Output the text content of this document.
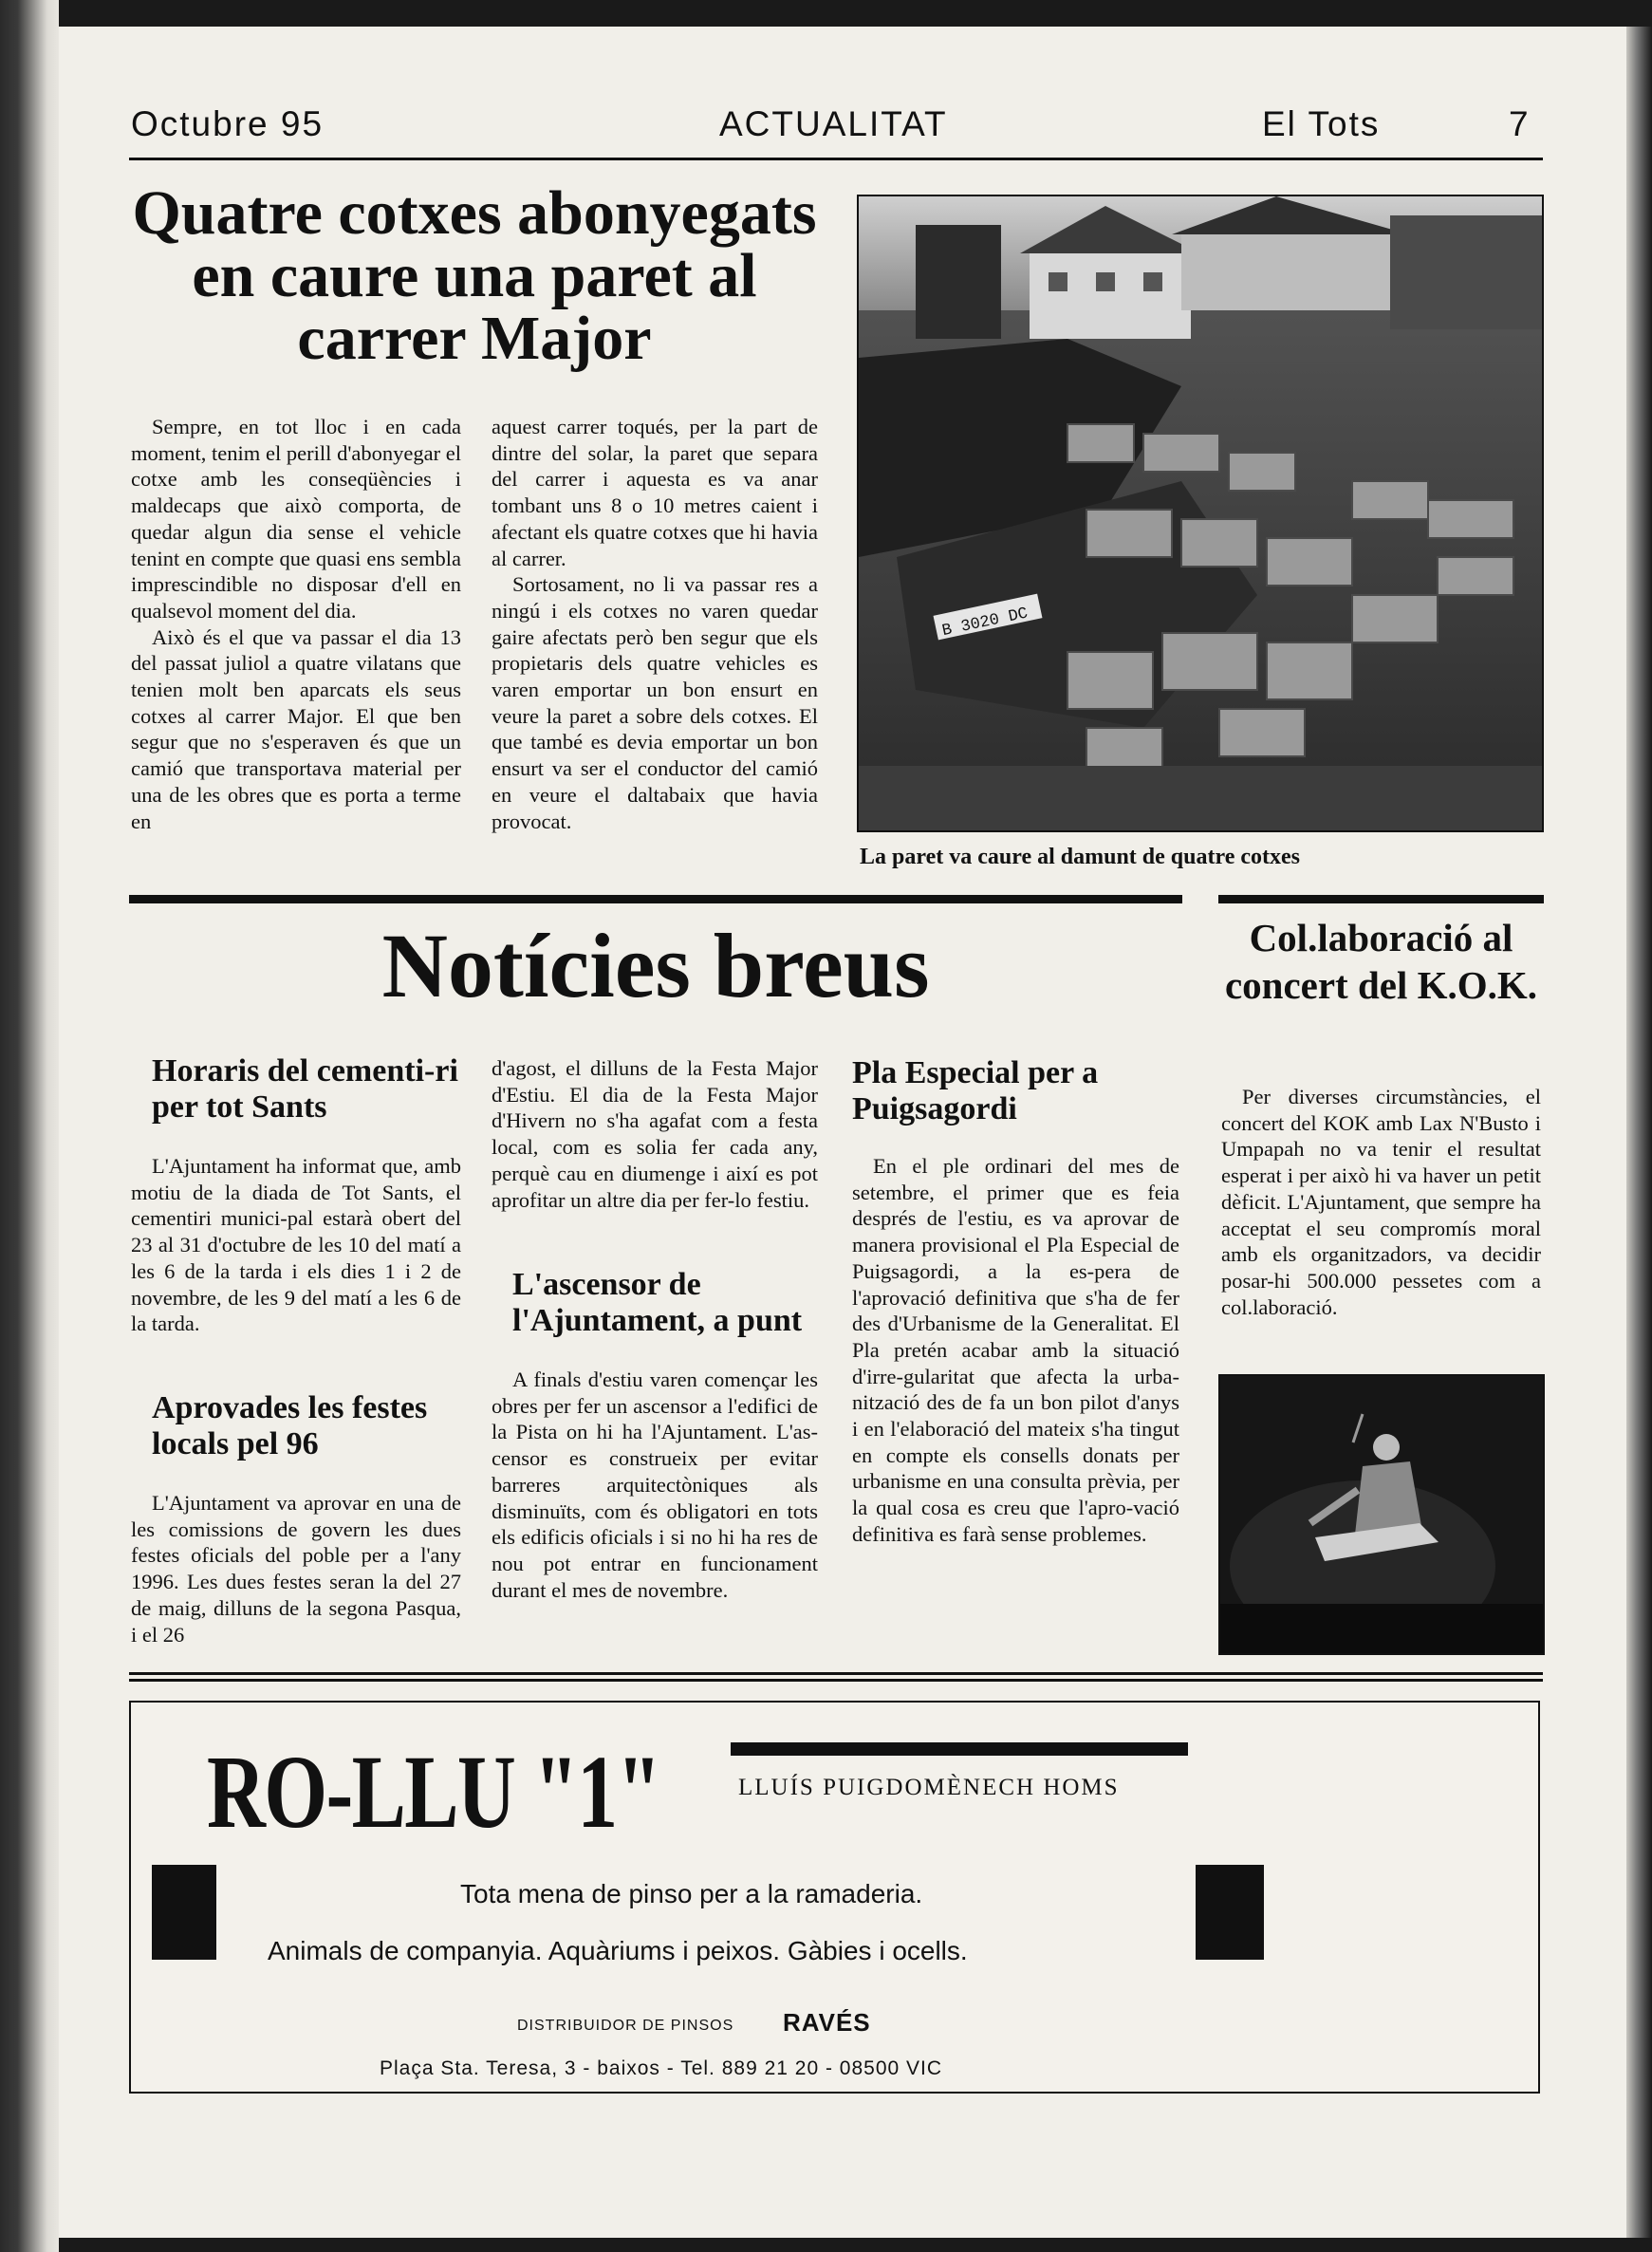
Octubre 95	ACTUALITAT	El Tots	7
Quatre cotxes abonyegats en caure una paret al carrer Major

Sempre, en tot lloc i en cada moment, tenim el perill d'abonyegar el cotxe amb les conseqüències i maldecaps que això comporta, de quedar algun dia sense el vehicle tenint en compte que quasi ens sembla imprescindible no disposar d'ell en qualsevol moment del dia.

Això és el que va passar el dia 13 del passat juliol a quatre vilatans que tenien molt ben aparcats els seus cotxes al carrer Major. El que ben segur que no s'esperaven és que un camió que transportava material per una de les obres que es porta a terme en

aquest carrer toqués, per la part de dintre del solar, la paret que separa del carrer i aquesta es va anar tombant uns 8 o 10 metres caient i afectant els quatre cotxes que hi havia al carrer.

Sortosament, no li va passar res a ningú i els cotxes no varen quedar gaire afectats però ben segur que els propietaris dels quatre vehicles es varen emportar un bon ensurt en veure la paret a sobre dels cotxes. El que també es devia emportar un bon ensurt va ser el conductor del camió en veure el daltabaix que havia provocat.

B 3020 DC
La paret va caure al damunt de quatre cotxes
Notícies breus
Horaris del cementi-ri per tot Sants

L'Ajuntament ha informat que, amb motiu de la diada de Tot Sants, el cementiri munici-pal estarà obert del 23 al 31 d'octubre de les 10 del matí a les 6 de la tarda i els dies 1 i 2 de novembre, de les 9 del matí a les 6 de la tarda.

Aprovades les festes locals pel 96

L'Ajuntament va aprovar en una de les comissions de govern les dues festes oficials del poble per a l'any 1996. Les dues festes seran la del 27 de maig, dilluns de la segona Pasqua, i el 26

d'agost, el dilluns de la Festa Major d'Estiu. El dia de la Festa Major d'Hivern no s'ha agafat com a festa local, com es solia fer cada any, perquè cau en diumenge i així es pot aprofitar un altre dia per fer-lo festiu.

L'ascensor de l'Ajuntament, a punt

A finals d'estiu varen començar les obres per fer un ascensor a l'edifici de la Pista on hi ha l'Ajuntament. L'as-censor es construeix per evitar barreres arquitectòniques als disminuïts, com és obligatori en tots els edificis oficials i si no hi ha res de nou pot entrar en funcionament durant el mes de novembre.

Pla Especial per a Puigsagordi

En el ple ordinari del mes de setembre, el primer que es feia després de l'estiu, es va aprovar de manera provisional el Pla Especial de Puigsagordi, a la es-pera de l'aprovació definitiva que s'ha de fer des d'Urbanisme de la Generalitat. El Pla pretén acabar amb la situació d'irre-gularitat que afecta la urba-nització des de fa un bon pilot d'anys i en l'elaboració del mateix s'ha tingut en compte els consells donats per urbanisme en una consulta prèvia, per la qual cosa es creu que l'apro-vació definitiva es farà sense problemes.

Col.laboració al concert del K.O.K.

Per diverses circumstàncies, el concert del KOK amb Lax N'Busto i Umpapah no va tenir el resultat esperat i per això hi va haver un petit dèficit. L'Ajuntament, que sempre ha acceptat el seu compromís moral amb els organitzadors, va decidir posar-hi 500.000 pessetes com a col.laboració.

RO-LLU "1"	LLUÍS PUIGDOMÈNECH HOMS
Tota mena de pinso per a la ramaderia.
Animals de companyia. Aquàriums i peixos. Gàbies i ocells.
DISTRIBUIDOR DE PINSOS RAVÉS
Plaça Sta. Teresa, 3 - baixos - Tel. 889 21 20 - 08500 VIC
